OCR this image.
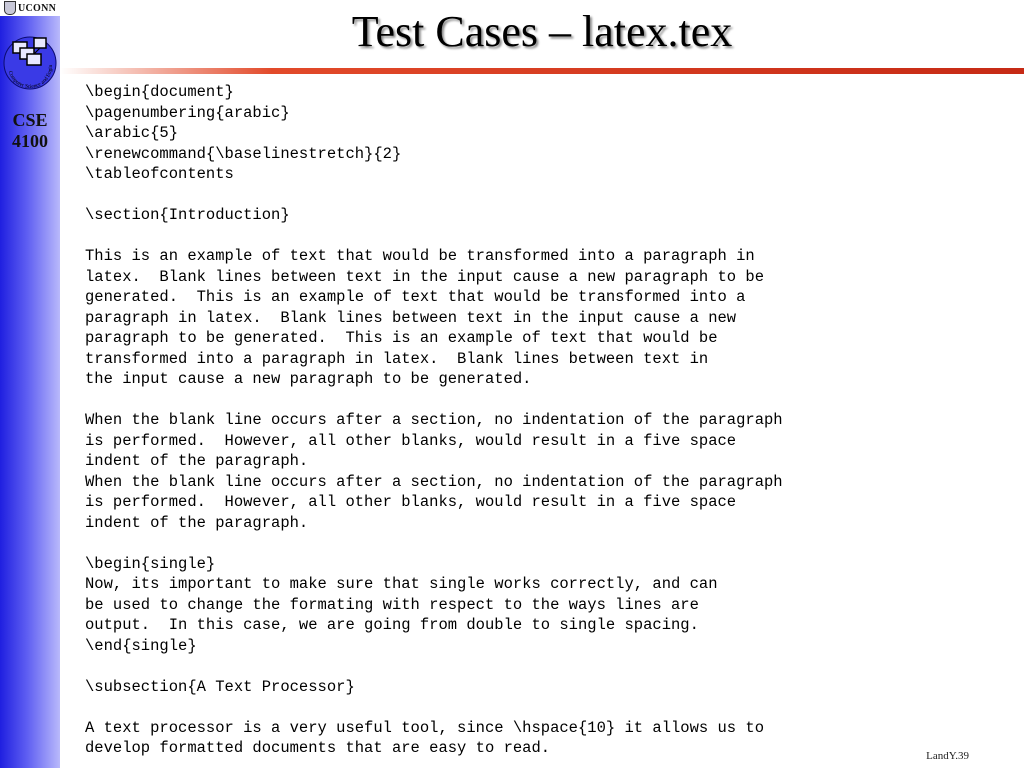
UCONN
Computer Science and Engin
CSE 4100
Test Cases – latex.tex
\begin{document}
\pagenumbering{arabic}
\arabic{5}
\renewcommand{\baselinestretch}{2}
\tableofcontents
\section{Introduction}
This is an example of text that would be transformed into a paragraph in
latex.  Blank lines between text in the input cause a new paragraph to be
generated.  This is an example of text that would be transformed into a
paragraph in latex.  Blank lines between text in the input cause a new
paragraph to be generated.  This is an example of text that would be
transformed into a paragraph in latex.  Blank lines between text in
the input cause a new paragraph to be generated.
When the blank line occurs after a section, no indentation of the paragraph
is performed.  However, all other blanks, would result in a five space
indent of the paragraph.
When the blank line occurs after a section, no indentation of the paragraph
is performed.  However, all other blanks, would result in a five space
indent of the paragraph.
\begin{single}
Now, its important to make sure that single works correctly, and can
be used to change the formating with respect to the ways lines are
output.  In this case, we are going from double to single spacing.
\end{single}
\subsection{A Text Processor}
A text processor is a very useful tool, since \hspace{10} it allows us to
develop formatted documents that are easy to read.	LandY.39
